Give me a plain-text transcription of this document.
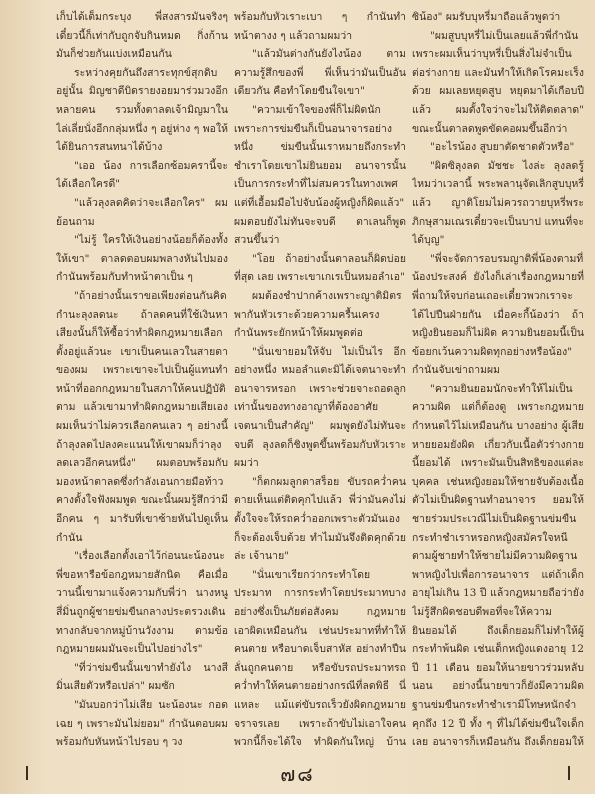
เก็บได้เต็มกระบุง พี่สงสารมันจริงๆ เดี๋ยวนี้ก็เท่ากับถูกจับกินหมด กิ่งก้านมันก็ช่วยกันแบ่งเหมือนกัน

ระหว่างคุยกันถึงสาระทุกข์สุกดิบอยู่นั้น มิญชาดีบิดรายงอยมาร่วมวงอีกหลายคน รวมทั้งตาลดเจ้ามิญมาในไล่เลี่ยนั่งอีกกลุ่มหนึ่ง ๆ อยู่ห่าง ๆ พอให้ได้ยินการสนทนาได้บ้าง

"เออ น้อง การเลือกซ้อมครานี้จะได้เลือกใครดี"

"แล้วลุงลดคิดว่าจะเลือกใคร" ผมย้อนถาม

"ไม่รู้ ใครให้เงินอย่างน้อยก็ต้องทั้งให้เขา" ตาลดตอบผมพลางหันไปมองกำนันพร้อมกับทำหน้าตาเป็น ๆ

"ถ้าอย่างนั้นเราขอเพียงต่อนกันคิดกำนะลุงลดนะ ถ้าลดคนที่ใช้เงินหาเสียงนั้นก็ให้ซื้อว่าทำผิดกฎหมายเลือกตั้งอยู่แล้วนะ เขาเป็นคนเลวในสายตาของผม เพราะเขาจะไปเป็นผู้แทนทำหน้าที่ออกกฎหมายในสภาให้คนปฏิบัติตาม แล้วเขามาทำผิดกฎหมายเสียเอง ผมเห็นว่าไม่ควรเลือกคนเลว ๆ อย่างนี้ ถ้าลุงลดไปลงคะแนนให้เขาผมก็ว่าลุงลดเลวอีกคนหนึ่ง" ผมตอบพร้อมกับมองหน้าตาลดซึ่งกำลังเอนกายมือท้าวคางตั้งใจฟังผมพูด ขณะนั้นผมรู้สึกว่ามีอีกคน ๆ มารับที่เขาซ้ายหันไปดูเห็นกำนัน

"เรื่องเลือกตั้งเอาไว้ก่อนนะน้องนะ พี่ขอหารือข้อกฎหมายสักนิด คือเมื่อวานนี้เขามาแจ้งความกับพี่ว่า นางหนูสี่มิ่นถูกผู้ชายข่มขืนกลางประตรวงเดินทางกลับจากหมู่บ้านวังงาม ตามข้อกฎหมายผมมันจะเป็นไปอย่างไร"

"ที่ว่าข่มขืนนั้นเขาทำยังไง นางสีมิ่นเสียตัวหรือเปล่า" ผมซัก

"มันบอกว่าไม่เสีย นะน้องนะ กอดเฉย ๆ เพราะมันไม่ยอม" กำนันตอบผมพร้อมกับหันหน้าไปรอบ ๆ วง

พร้อมกับหัวเราะเบา ๆ กำนันทำหน้าตางง ๆ แล้วถามผมว่า

"แล้วมันต่างกันยังไงน้อง ตามความรู้สึกของพี่ พี่เห็นว่ามันเป็นอันเดียวกัน คือทำโดยขืนใจเขา"

"ความเข้าใจของพี่ก็ไม่ผิดนัก เพราะการข่มขืนก็เป็นอนาจารอย่างหนึ่ง ข่มขืนนั้นเราหมายถึงกระทำชำเราโดยเขาไม่ยินยอม อนาจารนั้นเป็นการกระทำที่ไม่สมควรในทางเพศ แต่ที่เอื้อมมือไปจับน้องผู้หญิงก็ผิดแล้ว" ผมตอบยังไม่ทันจะจบดี ตาเลนก็พูดสวนขึ้นว่า

"โอย ถ้าอย่างนั้นตาลอนก็ผิดบ่อยที่สุด เลย เพราะเขาเกเรเป็นหมอลำเอ"

ผมต้องชำปากค้างเพราะญาติมิตรพากันหัวเราะด้วยความครื้นเครง กำนันพระยักหน้าให้ผมพูดต่อ

"นั่นเขายอมให้จับ ไม่เป็นไร อีกอย่างหนึ่ง หมอลำแตะมิได้เจตนาจะทำอนาจารหรอก เพราะช่วยจาะถอดลูกเท่านั้นของทางอาญาที่ต้องอาศัยเจตนาเป็นสำคัญ" ผมพูดยังไม่ทันจะจบดี ลุงลดก็ชิงพูดขึ้นพร้อมกับหัวเราะผมว่า

"ก็ตกผมลูกตาสร็อย ขับรถคว่ำคนตายเห็นแต่ติดคุกไปแล้ว พี่ว่ามันคงไม่ตั้งใจจะให้รถคว่ำออกเพราะตัวมันเองก็จะต้องเจ็บด้วย ทำไมมันจึงติดคุกด้วยล่ะ เจ้านาย"

"นั่นเขาเรียกว่ากระทำโดยประมาท การกระทำโดยประมาทบางอย่างซึ่งเป็นภัยต่อสังคม กฎหมายเอาผิดเหมือนกัน เช่นประมาทที่ทำให้คนตาย หรือบาดเจ็บสาหัส อย่างทำปืนลั่นถูกคนตาย หรือขับรถประมาทรถคว่ำทำให้คนตายอย่างกรณีที่ลดพิธี นี่แหละ แม้แต่ขับรถเร็วยังผิดกฎหมายจราจรเลย เพราะถ้าขับไม่เอาใจคนพวกนี้ก็จะได้ใจ ทำผิดกันใหญ่ บ้าน

ซิน้อง" ผมรับบุหรี่มาถือแล้วพูดว่า

"ผมสูบบุหรี่ไม่เป็นเลยแล้วพี่กำนัน เพราะผมเห็นว่าบุหรี่เป็นสิ่งไม่จำเป็นต่อร่างกาย และมันทำให้เกิดโรคมะเร็งด้วย ผมเลยหยุดสูบ หยุดมาได้เกือบปีแล้ว ผมตั้งใจว่าจะไม่ให้ติดตลาด" ขณะนั้นตาลดพูดขัดคอผมขึ้นอีกว่า

"อะไรน้อง สูบยาตัดชาดตัวหรือ"

"ผิดซิลุงลด มัชชะ ไงล่ะ ลุงลดรู้ไหมว่าเวลานี้ พระพลานุจัดเลิกสูบบุหรี่แล้ว ญาติโยมไม่ควรถวายบุหรี่พระภิกษุสามเณรเดี๋ยวจะเป็นบาป แทนที่จะได้บุญ"

"พี่จะจัดการอบรมญาติพี่น้องตามที่น้องประสงค์ ยังไงก็เล่าเรื่องกฎหมายที่พี่ถามให้จบก่อนเถอะเดี๋ยวพวกเราจะได้ไปปืนฝ่ายกัน เมื่อคะกี้น้องว่า ถ้าหญิงยินยอมก็ไม่ผิด ความยินยอมนี้เป็นข้อยกเว้นความผิดทุกอย่างหรือน้อง" กำนันจับเข่าถามผม

"ความยินยอมนักจะทำให้ไม่เป็นความผิด แต่ก็ต้องดู เพราะกฎหมายกำหนดไว้ไม่เหมือนกัน บางอย่าง ผู้เสียหายยอมยังผิด เกี่ยวกับเนื้อตัวร่างกายนี้ยอมได้ เพราะมันเป็นสิทธิของแต่ละบุคคล เช่นหญิงยอมให้ชายจับต้องเนื้อตัวไม่เป็นผิดฐานทำอนาจาร ยอมให้ชายร่วมประเวณีไม่เป็นผิดฐานข่มขืนกระทำชำเราหรอกหญิงสมัครใจหนีตามผู้ชายทำให้ชายไม่มีความผิดฐานพาหญิงไปเพื่อการอนาจาร แต่ถ้าเด็กอายุไม่เกิน 13 ปี แล้วกฎหมายถือว่ายังไม่รู้สึกผิดชอบดีพอที่จะให้ความยินยอมได้ ถึงเด็กยอมก็ไม่ทำให้ผู้กระทำพ้นผิด เช่นเด็กหญิงแดงอายุ 12 ปี 11 เดือน ยอมให้นายขาวร่วมหลับนอน อย่างนี้นายขาวก็ยังมีความผิดฐานข่มขืนกระทำชำเรามีโทษหนักจำคุกถึง 12 ปี ทั้ง ๆ ที่ไม่ได้ข่มขืนใจเด็กเลย อนาจารก็เหมือนกัน ถึงเด็กยอมให้

๗๘
